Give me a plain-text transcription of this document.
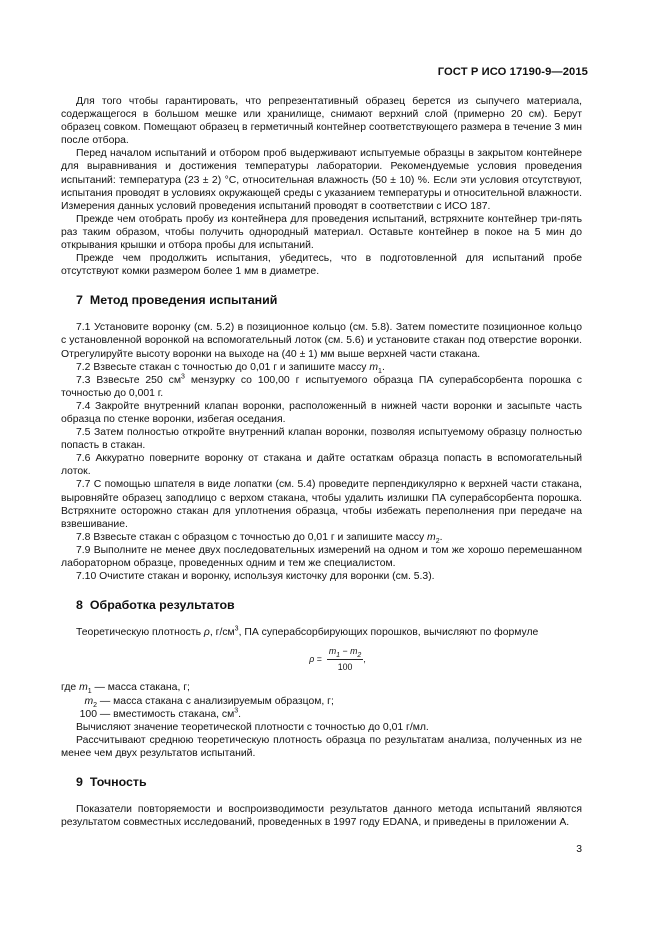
ГОСТ Р ИСО 17190-9—2015

Для того чтобы гарантировать, что репрезентативный образец берется из сыпучего материала, содержащегося в большом мешке или хранилище, снимают верхний слой (примерно 20 см). Берут образец совком. Помещают образец в герметичный контейнер соответствующего размера в течение 3 мин после отбора.

Перед началом испытаний и отбором проб выдерживают испытуемые образцы в закрытом контейнере для выравнивания и достижения температуры лаборатории. Рекомендуемые условия проведения испытаний: температура (23 ± 2) °C, относительная влажность (50 ± 10) %. Если эти условия отсутствуют, испытания проводят в условиях окружающей среды с указанием температуры и относительной влажности. Измерения данных условий проведения испытаний проводят в соответствии с ИСО 187.

Прежде чем отобрать пробу из контейнера для проведения испытаний, встряхните контейнер три-пять раз таким образом, чтобы получить однородный материал. Оставьте контейнер в покое на 5 мин до открывания крышки и отбора пробы для испытаний.

Прежде чем продолжить испытания, убедитесь, что в подготовленной для испытаний пробе отсутствуют комки размером более 1 мм в диаметре.

7 Метод проведения испытаний

7.1 Установите воронку (см. 5.2) в позиционное кольцо (см. 5.8). Затем поместите позиционное кольцо с установленной воронкой на вспомогательный лоток (см. 5.6) и установите стакан под отверстие воронки. Отрегулируйте высоту воронки на выходе на (40 ± 1) мм выше верхней части стакана.

7.2 Взвесьте стакан с точностью до 0,01 г и запишите массу $m_1$.

7.3 Взвесьте 250 $см^3$ мензурку со 100,00 г испытуемого образца ПА суперабсорбента порошка с точностью до 0,001 г.

7.4 Закройте внутренний клапан воронки, расположенный в нижней части воронки и засыпьте часть образца по стенке воронки, избегая оседания.

7.5 Затем полностью откройте внутренний клапан воронки, позволяя испытуемому образцу полностью попасть в стакан.

7.6 Аккуратно поверните воронку от стакана и дайте остаткам образца попасть в вспомогательный лоток.

7.7 С помощью шпателя в виде лопатки (см. 5.4) проведите перпендикулярно к верхней части стакана, выровняйте образец заподлицо с верхом стакана, чтобы удалить излишки ПА суперабсорбента порошка. Встряхните осторожно стакан для уплотнения образца, чтобы избежать переполнения при передаче на взвешивание.

7.8 Взвесьте стакан с образцом с точностью до 0,01 г и запишите массу $m_2$.

7.9 Выполните не менее двух последовательных измерений на одном и том же хорошо перемешанном лабораторном образце, проведенных одним и тем же специалистом.

7.10 Очистите стакан и воронку, используя кисточку для воронки (см. 5.3).

8 Обработка результатов

Теоретическую плотность ρ, $г/см^3$, ПА суперабсорбирующих порошков, вычисляют по формуле

$\rho = \frac{m_1 - m_2}{100}$ ,
где $m_1$ — масса стакана, г;
$m_2$ — масса стакана с анализируемым образцом, г;
100 — вместимость стакана, $см^3$.

Вычисляют значение теоретической плотности с точностью до 0,01 г/мл.

Рассчитывают среднюю теоретическую плотность образца по результатам анализа, полученных из не менее чем двух результатов испытаний.

9 Точность

Показатели повторяемости и воспроизводимости результатов данного метода испытаний являются результатом совместных исследований, проведенных в 1997 году EDANA, и приведены в приложении А.

3
